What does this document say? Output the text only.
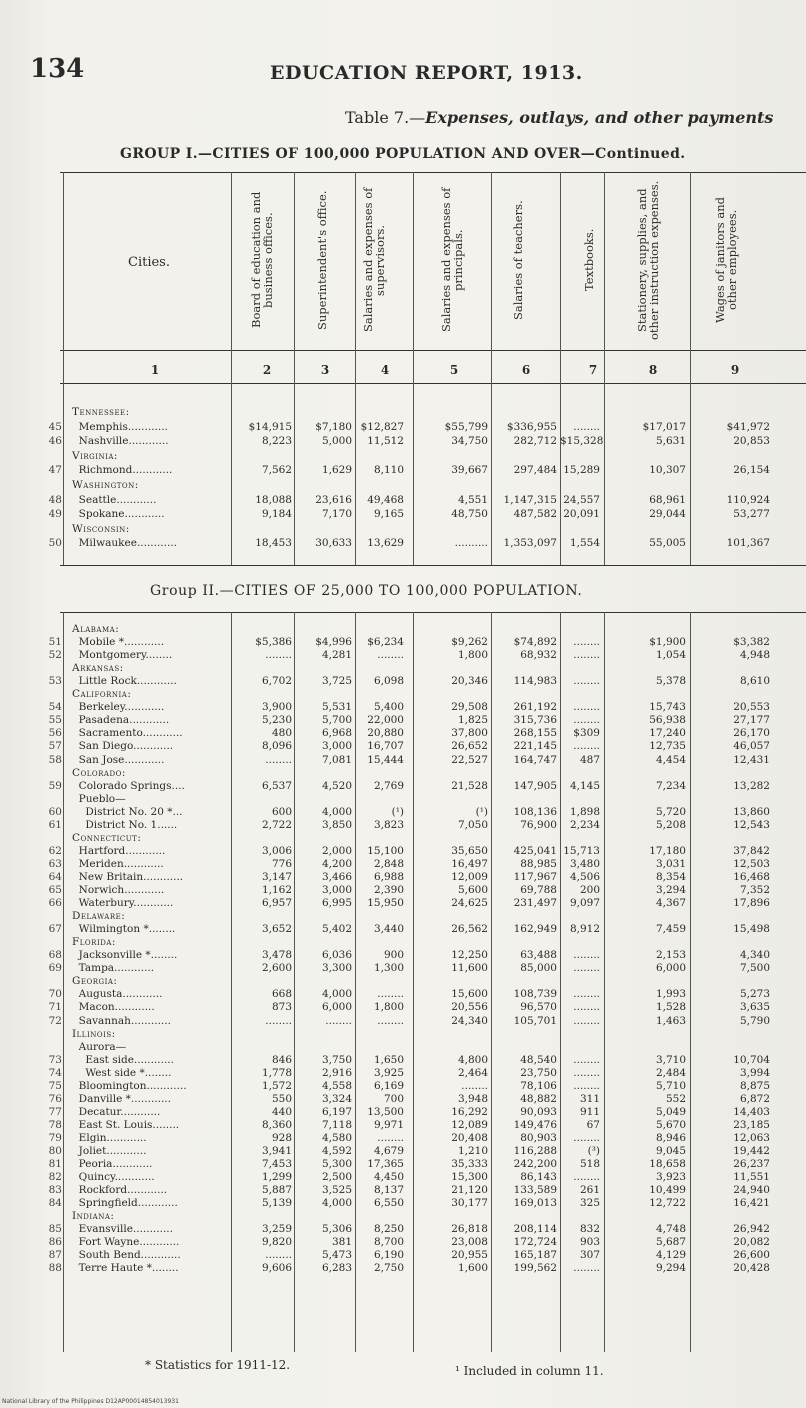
134	EDUCATION REPORT, 1913.
Table 7.—Expenses, outlays, and other payments
GROUP I.—CITIES OF 100,000 POPULATION AND OVER—Continued.
Cities.	Board of education and business offices.	Superintendent's office.	Salaries and expenses of supervisors.	Salaries and expenses of principals.	Salaries of teachers.	Textbooks.	Stationery, supplies, and other instruction expenses.	Wages of janitors and other employees.
1	2	3	4	5	6	7	8	9
Tennessee:
45 Memphis............	$14,915	$7,180 $12,827	$55,799	$336,955	........	$17,017	$41,972
46 Nashville............	8,223	5,000	11,512	34,750	282,712 $15,328	5,631	20,853
Virginia:
47 Richmond............	7,562	1,629	8,110	39,667	297,484 15,289	10,307	26,154
Washington:
48 Seattle............	18,088	23,616	49,468	4,551	1,147,315 24,557	68,961	110,924
49 Spokane............	9,184	7,170	9,165	48,750	487,582 20,091	29,044	53,277
Wisconsin:
50 Milwaukee............	18,453	30,633	13,629	..........	1,353,097	1,554	55,005	101,367
Group II.—CITIES OF 25,000 TO 100,000 POPULATION.
Alabama:
51 Mobile *............	$5,386	$4,996	$6,234	$9,262	$74,892	........	$1,900	$3,382
52 Montgomery........	........	4,281	........	1,800	68,932	........	1,054	4,948
Arkansas:
53 Little Rock............	6,702	3,725	6,098	20,346	114,983	........	5,378	8,610
California:
54 Berkeley............	3,900	5,531	5,400	29,508	261,192	........	15,743	20,553
55 Pasadena............	5,230	5,700	22,000	1,825	315,736	........	56,938	27,177
56 Sacramento............	480	6,968	20,880	37,800	268,155	$309	17,240	26,170
57 San Diego............	8,096	3,000	16,707	26,652	221,145	........	12,735	46,057
58 San Jose............	........	7,081	15,444	22,527	164,747	487	4,454	12,431
Colorado:
59 Colorado Springs....	6,537	4,520	2,769	21,528	147,905	4,145	7,234	13,282
Pueblo—
60 District No. 20 *...	600	4,000	(¹)	(¹)	108,136	1,898	5,720	13,860
61 District No. 1......	2,722	3,850	3,823	7,050	76,900	2,234	5,208	12,543
Connecticut:
62 Hartford............	3,006	2,000	15,100	35,650	425,041 15,713	17,180	37,842
63 Meriden............	776	4,200	2,848	16,497	88,985	3,480	3,031	12,503
64 New Britain............	3,147	3,466	6,988	12,009	117,967	4,506	8,354	16,468
65 Norwich............	1,162	3,000	2,390	5,600	69,788	200	3,294	7,352
66 Waterbury............	6,957	6,995	15,950	24,625	231,497	9,097	4,367	17,896
Delaware:
67 Wilmington *........	3,652	5,402	3,440	26,562	162,949	8,912	7,459	15,498
Florida:
68 Jacksonville *........	3,478	6,036	900	12,250	63,488	........	2,153	4,340
69 Tampa............	2,600	3,300	1,300	11,600	85,000	........	6,000	7,500
Georgia:
70 Augusta............	668	4,000	........	15,600	108,739	........	1,993	5,273
71 Macon............	873	6,000	1,800	20,556	96,570	........	1,528	3,635
72 Savannah............	........	........	........	24,340	105,701	........	1,463	5,790
Illinois:
Aurora—
73 East side............	846	3,750	1,650	4,800	48,540	........	3,710	10,704
74 West side *........	1,778	2,916	3,925	2,464	23,750	........	2,484	3,994
75 Bloomington............	1,572	4,558	6,169	........	78,106	........	5,710	8,875
76 Danville *............	550	3,324	700	3,948	48,882	311	552	6,872
77 Decatur............	440	6,197	13,500	16,292	90,093	911	5,049	14,403
78 East St. Louis........	8,360	7,118	9,971	12,089	149,476	67	5,670	23,185
79 Elgin............	928	4,580	........	20,408	80,903	........	8,946	12,063
80 Joliet............	3,941	4,592	4,679	1,210	116,288	(³)	9,045	19,442
81 Peoria............	7,453	5,300	17,365	35,333	242,200	518	18,658	26,237
82 Quincy............	1,299	2,500	4,450	15,300	86,143	........	3,923	11,551
83 Rockford............	5,887	3,525	8,137	21,120	133,589	261	10,499	24,940
84 Springfield............	5,139	4,000	6,550	30,177	169,013	325	12,722	16,421
Indiana:
85 Evansville............	3,259	5,306	8,250	26,818	208,114	832	4,748	26,942
86 Fort Wayne............	9,820	381	8,700	23,008	172,724	903	5,687	20,082
87 South Bend............	........	5,473	6,190	20,955	165,187	307	4,129	26,600
88 Terre Haute *........	9,606	6,283	2,750	1,600	199,562	........	9,294	20,428
* Statistics for 1911-12.	¹ Included in column 11.
National Library of the Philippines D12AP00014854013931
